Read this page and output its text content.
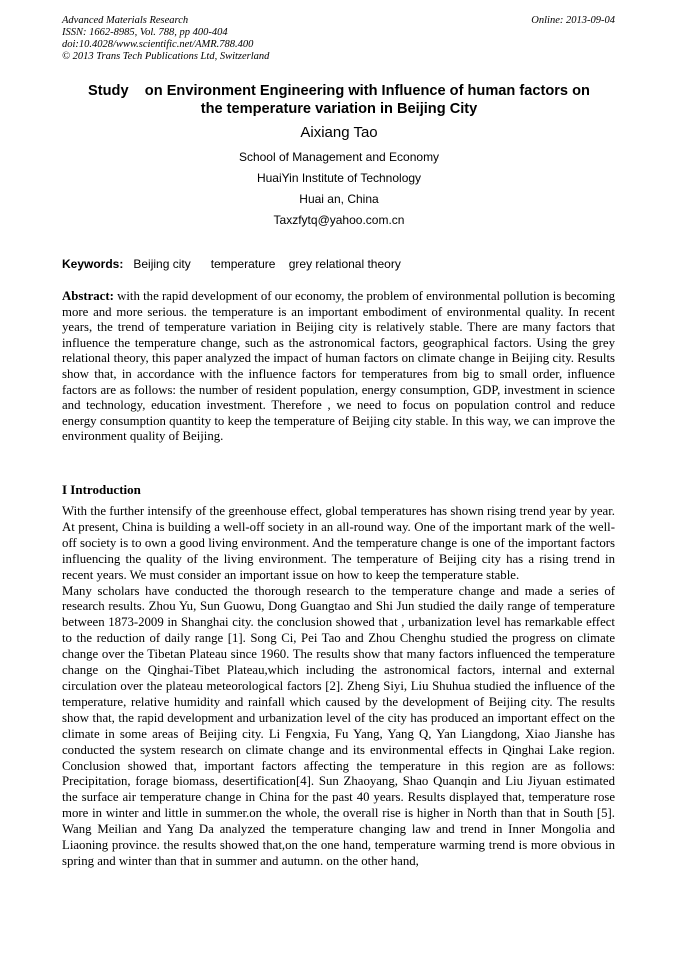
Advanced Materials Research
ISSN: 1662-8985, Vol. 788, pp 400-404
doi:10.4028/www.scientific.net/AMR.788.400
© 2013 Trans Tech Publications Ltd, Switzerland
Online: 2013-09-04
Study    on Environment Engineering with Influence of human factors on
the temperature variation in Beijing City
Aixiang Tao
School of Management and Economy
HuaiYin Institute of Technology
Huai an, China
Taxzfytq@yahoo.com.cn
Keywords:   Beijing city      temperature    grey relational theory
Abstract: with the rapid development of our economy, the problem of environmental pollution is becoming more and more serious. the temperature is an important embodiment of environmental quality. In recent years, the trend of temperature variation in Beijing city is relatively stable. There are many factors that influence the temperature change, such as the astronomical factors, geographical factors. Using the grey relational theory, this paper analyzed the impact of human factors on climate change in Beijing city. Results show that, in accordance with the influence factors for temperatures from big to small order, influence factors are as follows: the number of resident population, energy consumption, GDP, investment in science and technology, education investment. Therefore , we need to focus on population control and reduce energy consumption quantity to keep the temperature of Beijing city stable. In this way, we can improve the environment quality of Beijing.
I Introduction

With the further intensify of the greenhouse effect, global temperatures has shown rising trend year by year. At present, China is building a well-off society in an all-round way. One of the important mark of the well-off society is to own a good living environment. And the temperature change is one of the important factors influencing the quality of the living environment. The temperature of Beijing city has a rising trend in recent years. We must consider an important issue on how to keep the temperature stable.

Many scholars have conducted the thorough research to the temperature change and made a series of research results. Zhou Yu, Sun Guowu, Dong Guangtao and Shi Jun studied the daily range of temperature between 1873-2009 in Shanghai city. the conclusion showed that , urbanization level has remarkable effect to the reduction of daily range [1]. Song Ci, Pei Tao and Zhou Chenghu studied the progress on climate change over the Tibetan Plateau since 1960. The results show that many factors influenced the temperature change on the Qinghai-Tibet Plateau,which including the astronomical factors, internal and external circulation over the plateau meteorological factors [2]. Zheng Siyi, Liu Shuhua studied the influence of the temperature, relative humidity and rainfall which caused by the development of Beijing city. The results show that, the rapid development and urbanization level of the city has produced an important effect on the climate in some areas of Beijing city. Li Fengxia, Fu Yang, Yang Q, Yan Liangdong, Xiao Jianshe has conducted the system research on climate change and its environmental effects in Qinghai Lake region. Conclusion showed that, important factors affecting the temperature in this region are as follows: Precipitation, forage biomass, desertification[4]. Sun Zhaoyang, Shao Quanqin and Liu Jiyuan estimated the surface air temperature change in China for the past 40 years. Results displayed that, temperature rose more in winter and little in summer.on the whole, the overall rise is higher in North than that in South [5]. Wang Meilian and Yang Da analyzed the temperature changing law and trend in Inner Mongolia and Liaoning province. the results showed that,on the one hand, temperature warming trend is more obvious in spring and winter than that in summer and autumn. on the other hand,
